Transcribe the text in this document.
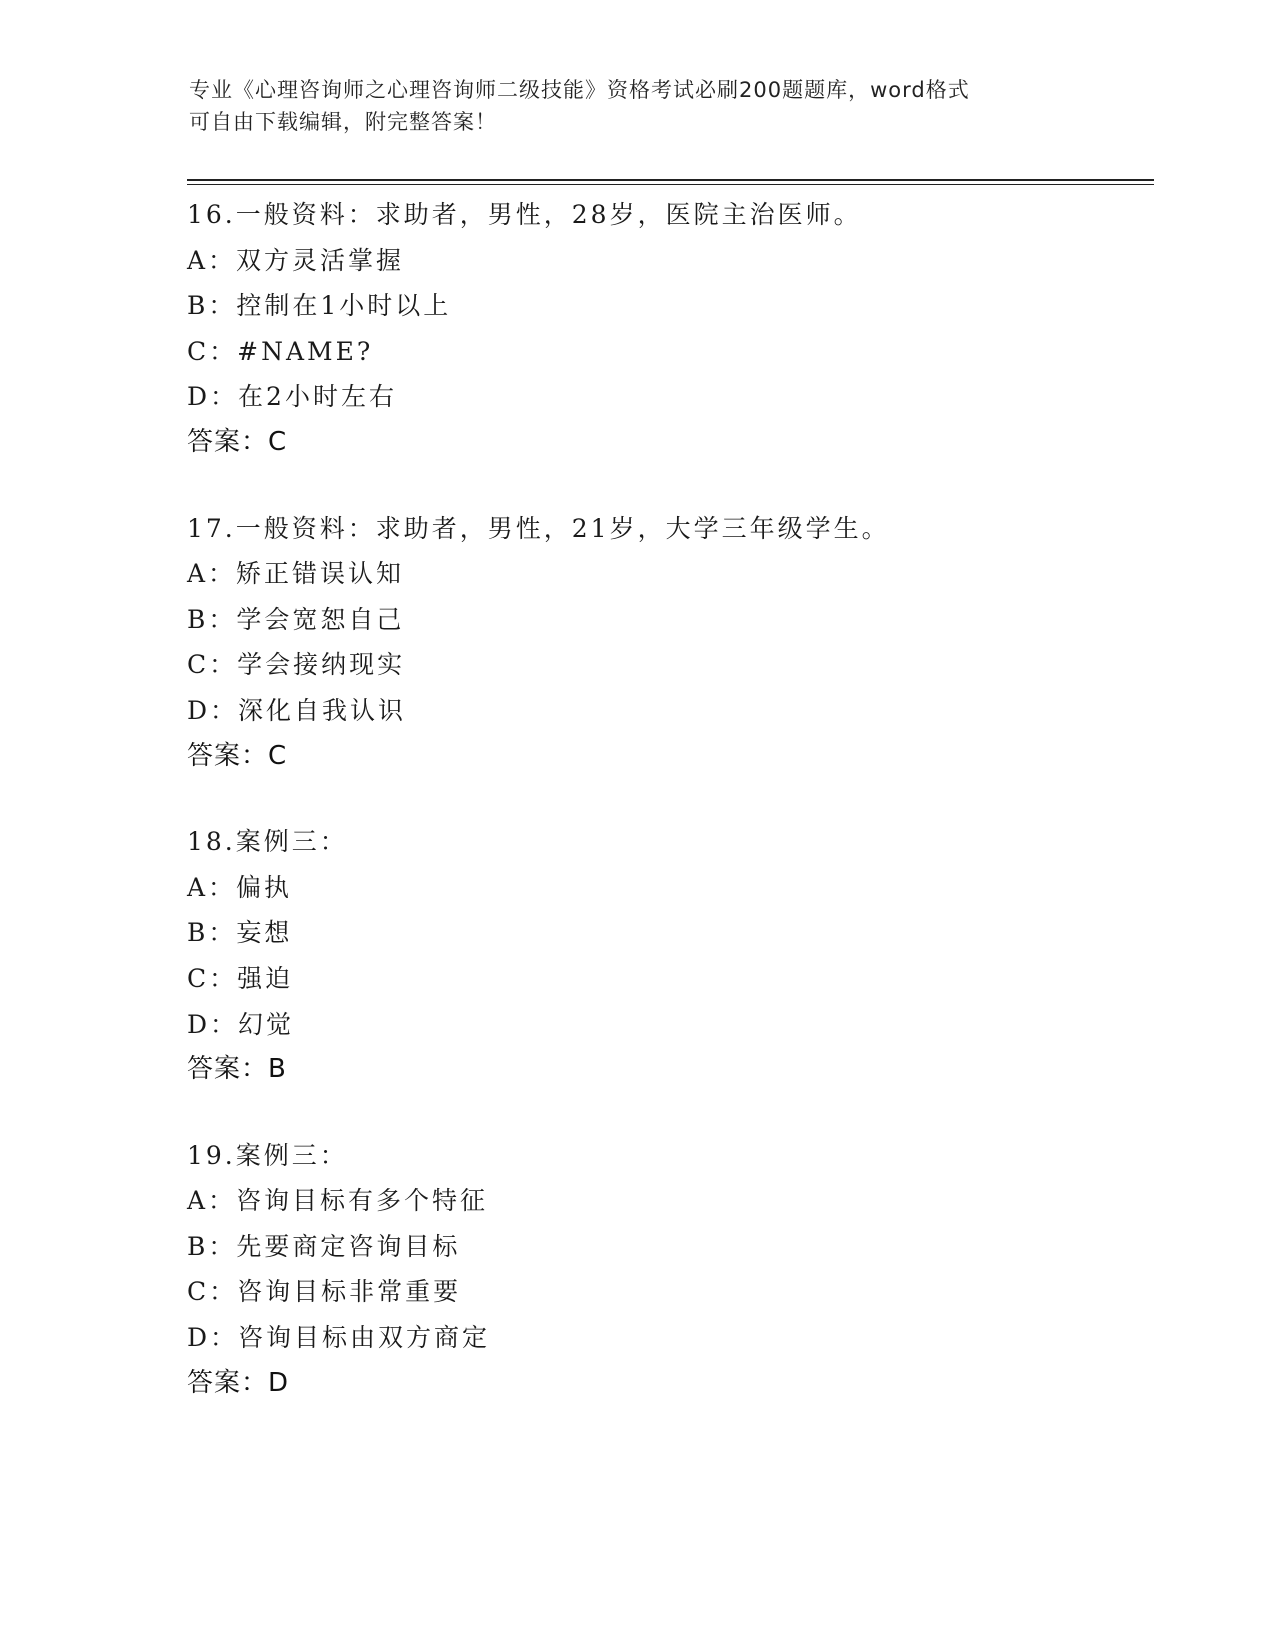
专业《心理咨询师之心理咨询师二级技能》资格考试必刷200题题库，word格式
可自由下载编辑，附完整答案！
16.一般资料：求助者，男性，28岁，医院主治医师。
A：双方灵活掌握
B：控制在1小时以上
C：#NAME?
D：在2小时左右
答案：C
17.一般资料：求助者，男性，21岁，大学三年级学生。
A：矫正错误认知
B：学会宽恕自己
C：学会接纳现实
D：深化自我认识
答案：C
18.案例三：
A：偏执
B：妄想
C：强迫
D：幻觉
答案：B
19.案例三：
A：咨询目标有多个特征
B：先要商定咨询目标
C：咨询目标非常重要
D：咨询目标由双方商定
答案：D
